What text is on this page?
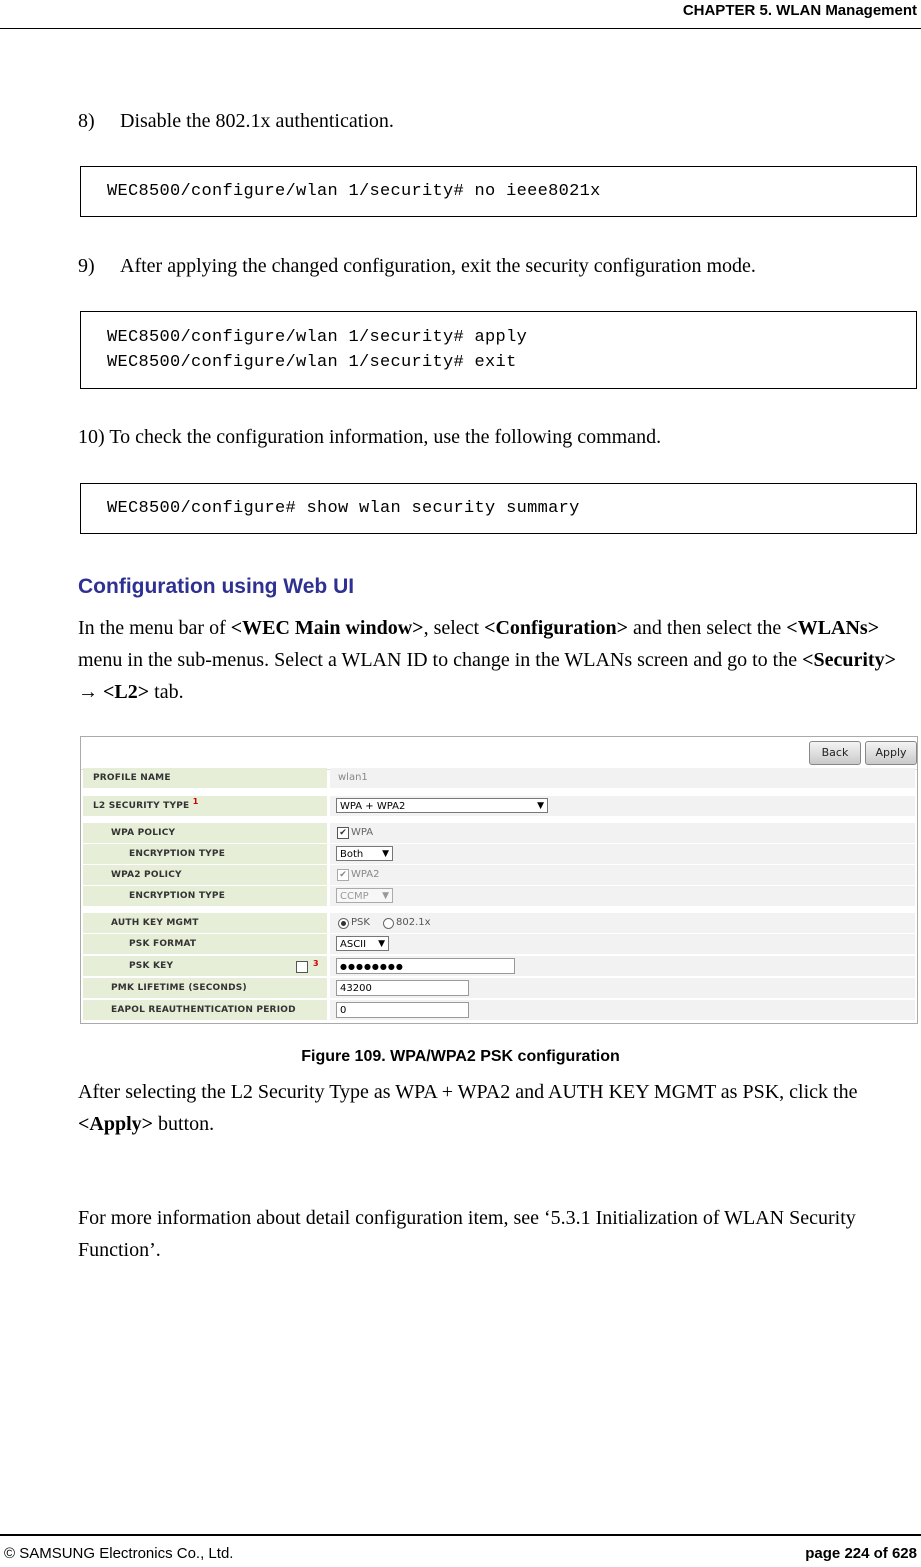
CHAPTER 5. WLAN Management
8) Disable the 802.1x authentication.
WEC8500/configure/wlan 1/security# no ieee8021x
9) After applying the changed configuration, exit the security configuration mode.
WEC8500/configure/wlan 1/security# apply
WEC8500/configure/wlan 1/security# exit
10) To check the configuration information, use the following command.
WEC8500/configure# show wlan security summary
Configuration using Web UI
In the menu bar of <WEC Main window>, select <Configuration> and then select the <WLANs> menu in the sub-menus. Select a WLAN ID to change in the WLANs screen and go to the <Security> → <L2> tab.
Back	Apply
PROFILE NAME	wlan1
L2 SECURITY TYPE 1	WPA + WPA2	▼
WPA POLICY	✔ WPA
ENCRYPTION TYPE	Both ▼
WPA2 POLICY	✔ WPA2
ENCRYPTION TYPE	CCMP ▼
AUTH KEY MGMT	PSK	802.1x
PSK FORMAT	ASCII ▼
PSK KEY	3	●●●●●●●●
PMK LIFETIME (SECONDS)	43200
EAPOL REAUTHENTICATION PERIOD	0
Figure 109. WPA/WPA2 PSK configuration
After selecting the L2 Security Type as WPA + WPA2 and AUTH KEY MGMT as PSK, click the <Apply> button.
For more information about detail configuration item, see ‘5.3.1 Initialization of WLAN Security Function’.
© SAMSUNG Electronics Co., Ltd.	page 224 of 628
